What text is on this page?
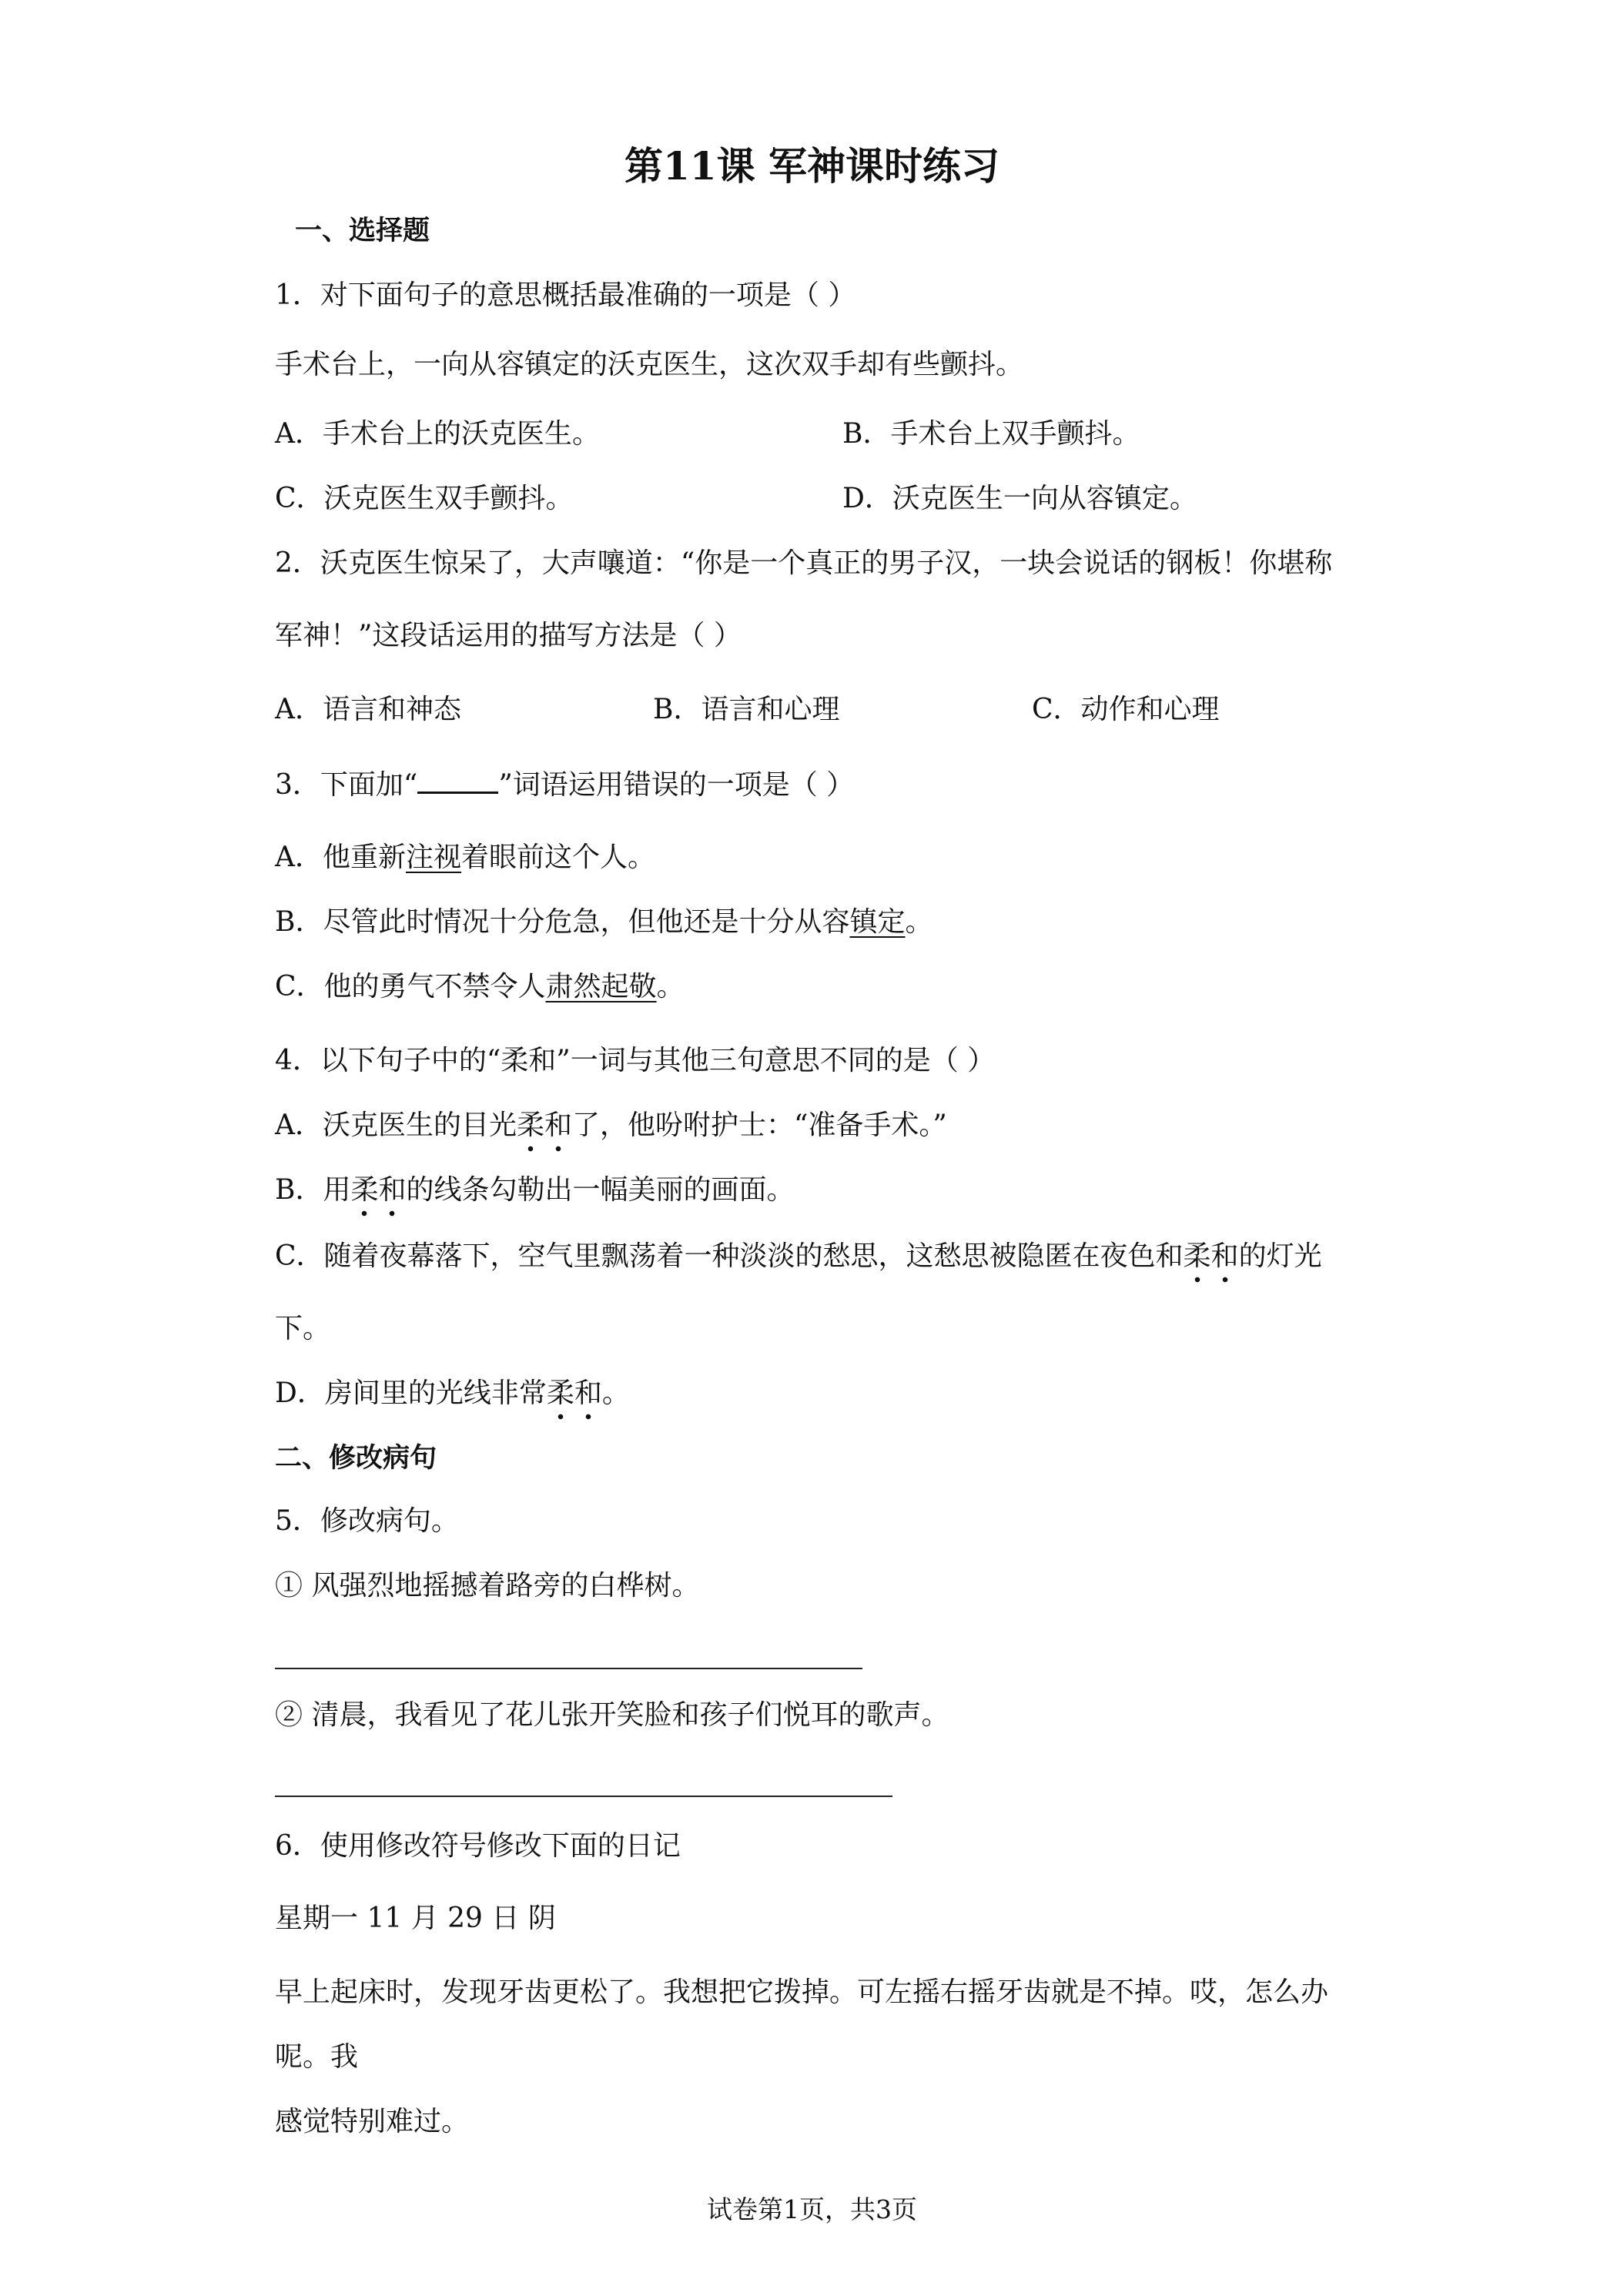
第11课 军神课时练习
一、选择题
1．对下面句子的意思概括最准确的一项是（ ）
手术台上，一向从容镇定的沃克医生，这次双手却有些颤抖。
A．手术台上的沃克医生。	B．手术台上双手颤抖。
C．沃克医生双手颤抖。	D．沃克医生一向从容镇定。
2．沃克医生惊呆了，大声嚷道：“你是一个真正的男子汉，一块会说话的钢板！你堪称
军神！”这段话运用的描写方法是（ ）
A．语言和神态	B．语言和心理	C．动作和心理
3．下面加“	”词语运用错误的一项是（ ）
A．他重新注视着眼前这个人。
B．尽管此时情况十分危急，但他还是十分从容镇定。
C．他的勇气不禁令人肃然起敬。
4．以下句子中的“柔和”一词与其他三句意思不同的是（ ）
A．沃克医生的目光柔和了，他吩咐护士：“准备手术。”
B．用柔和的线条勾勒出一幅美丽的画面。
C．随着夜幕落下，空气里飘荡着一种淡淡的愁思，这愁思被隐匿在夜色和柔和的灯光
下。
D．房间里的光线非常柔和。
二、修改病句
5．修改病句。
① 风强烈地摇撼着路旁的白桦树。
② 清晨，我看见了花儿张开笑脸和孩子们悦耳的歌声。
6．使用修改符号修改下面的日记
星期一 11 月 29 日 阴
早上起床时，发现牙齿更松了。我想把它拨掉。可左摇右摇牙齿就是不掉。哎，怎么办
呢。我
感觉特别难过。
试卷第1页，共3页
